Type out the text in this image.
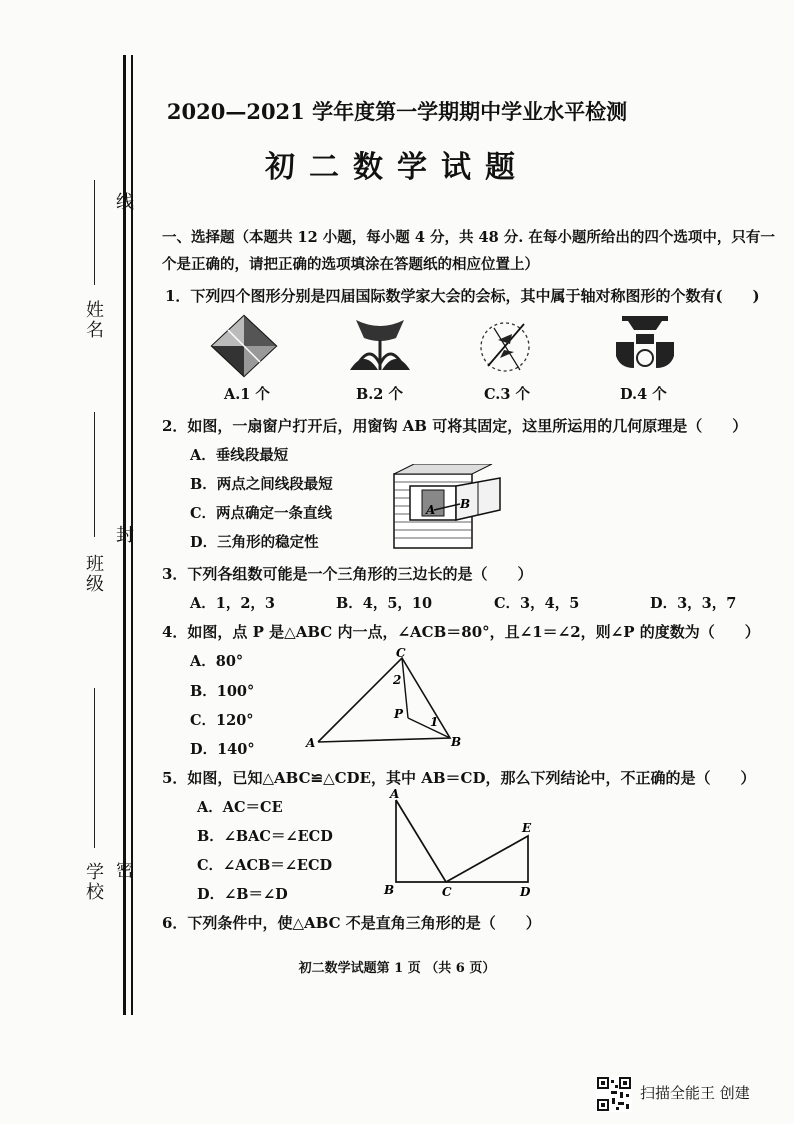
线
姓名
封
班级
密
学校
2020—2021 学年度第一学期期中学业水平检测
初二数学试题
一、选择题（本题共 12 小题，每小题 4 分，共 48 分. 在每小题所给出的四个选项中，只有一个是正确的，请把正确的选项填涂在答题纸的相应位置上）
1．下列四个图形分别是四届国际数学家大会的会标，其中属于轴对称图形的个数有(　　)
A.1 个	B.2 个	C.3 个	D.4 个
2．如图，一扇窗户打开后，用窗钩 AB 可将其固定，这里所运用的几何原理是（　　）
A．垂线段最短
B．两点之间线段最短
C．两点确定一条直线
D．三角形的稳定性
A B
3．下列各组数可能是一个三角形的三边长的是（　　）
A．1，2，3	B．4，5，10	C．3，4，5	D．3，3，7
4．如图，点 P 是△ABC 内一点，∠ACB＝80°，且∠1＝∠2，则∠P 的度数为（　　）
A．80°
B．100°
C．120°
D．140°
C
2
P
1
A	B
5．如图，已知△ABC≌△CDE，其中 AB＝CD，那么下列结论中，不正确的是（　　）
A．AC＝CE
B．∠BAC＝∠ECD
C．∠ACB＝∠ECD
D．∠B＝∠D
A
E
B	C	D
6．下列条件中，使△ABC 不是直角三角形的是（　　）
初二数学试题第 1 页 （共 6 页）
扫描全能王 创建
